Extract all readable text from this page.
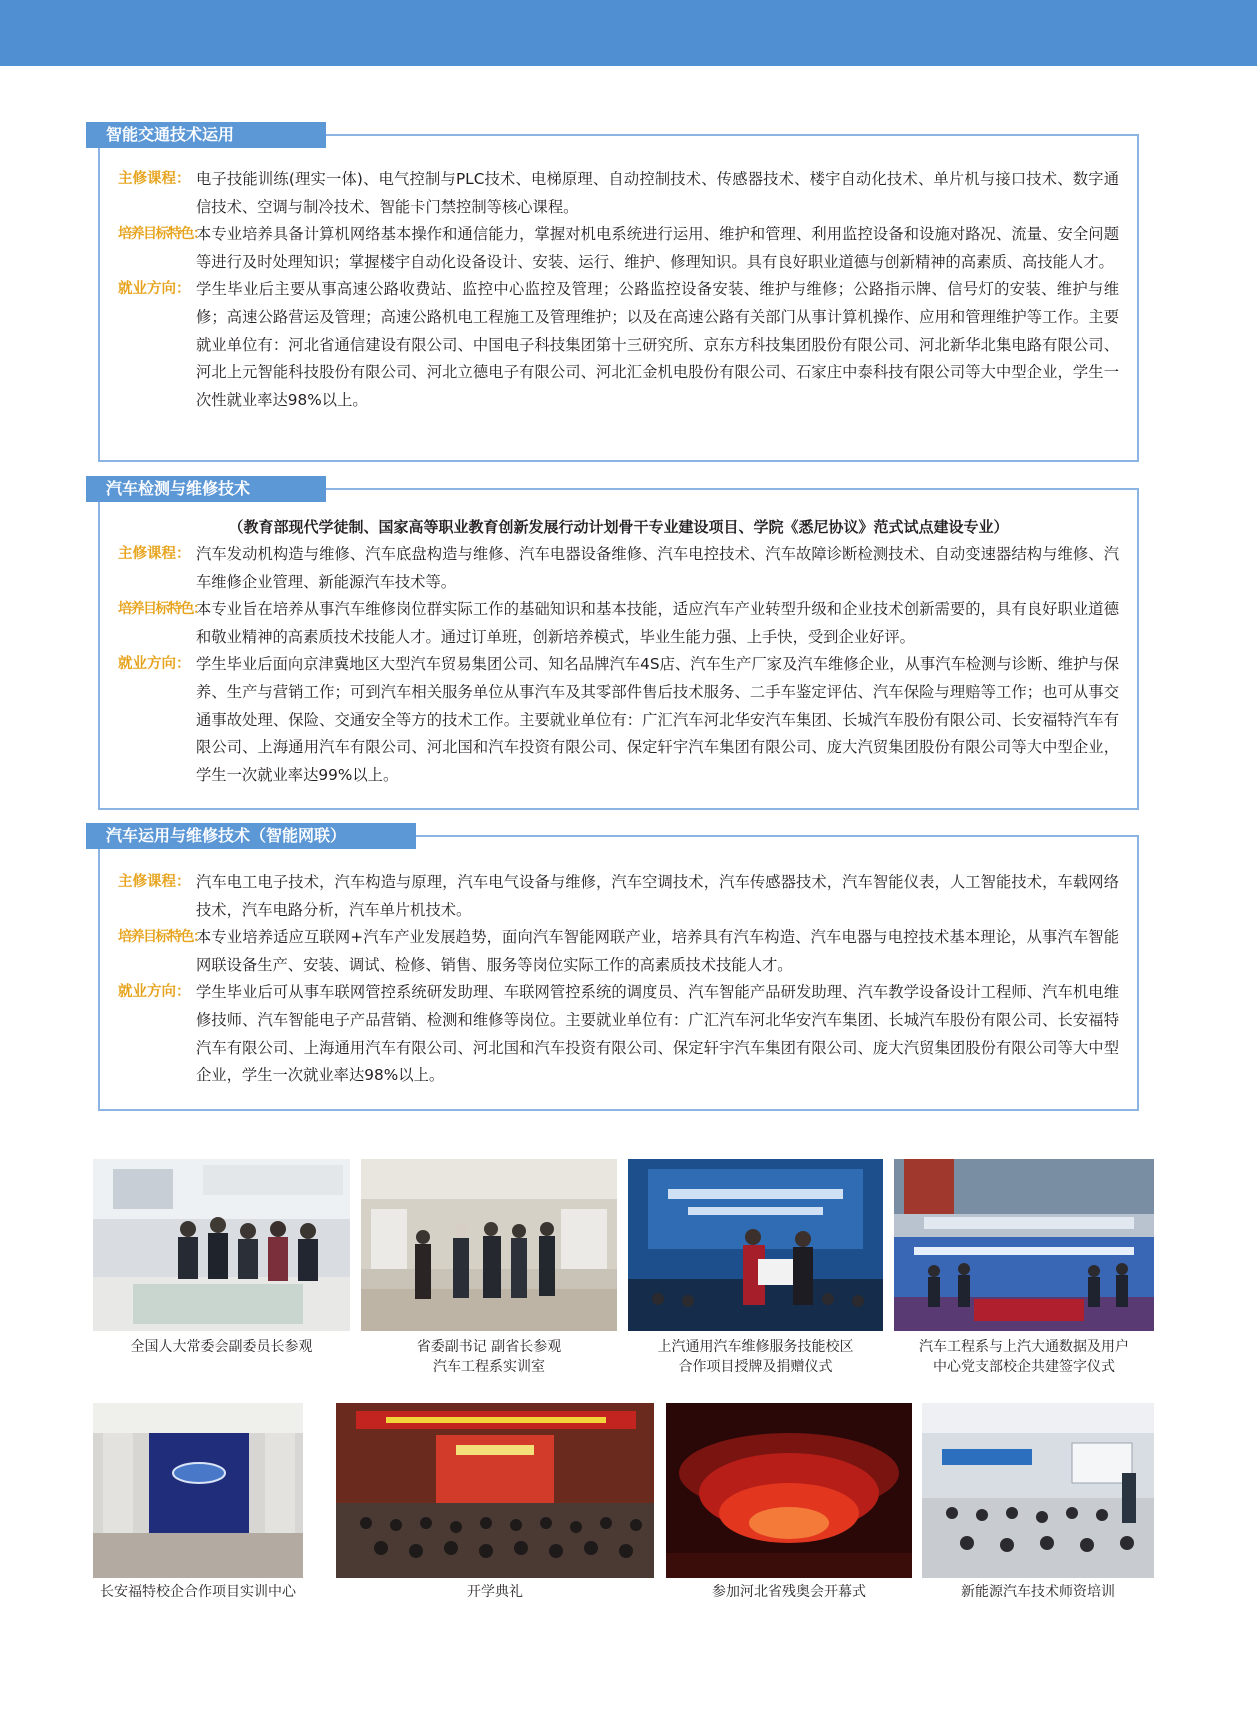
智能交通技术运用
主修课程： 电子技能训练(理实一体)、电气控制与PLC技术、电梯原理、自动控制技术、传感器技术、楼宇自动化技术、单片机与接口技术、数字通信技术、空调与制冷技术、智能卡门禁控制等核心课程。
培养目标特色：
本专业培养具备计算机网络基本操作和通信能力，掌握对机电系统进行运用、维护和管理、利用监控设备和设施对路况、流量、安全问题等进行及时处理知识；掌握楼宇自动化设备设计、安装、运行、维护、修理知识。具有良好职业道德与创新精神的高素质、高技能人才。
就业方向： 学生毕业后主要从事高速公路收费站、监控中心监控及管理；公路监控设备安装、维护与维修；公路指示牌、信号灯的安装、维护与维修；高速公路营运及管理；高速公路机电工程施工及管理维护；以及在高速公路有关部门从事计算机操作、应用和管理维护等工作。主要就业单位有：河北省通信建设有限公司、中国电子科技集团第十三研究所、京东方科技集团股份有限公司、河北新华北集电路有限公司、河北上元智能科技股份有限公司、河北立德电子有限公司、河北汇金机电股份有限公司、石家庄中泰科技有限公司等大中型企业，学生一次性就业率达98%以上。
汽车检测与维修技术
（教育部现代学徒制、国家高等职业教育创新发展行动计划骨干专业建设项目、学院《悉尼协议》范式试点建设专业）
主修课程： 汽车发动机构造与维修、汽车底盘构造与维修、汽车电器设备维修、汽车电控技术、汽车故障诊断检测技术、自动变速器结构与维修、汽车维修企业管理、新能源汽车技术等。
培养目标特色：
本专业旨在培养从事汽车维修岗位群实际工作的基础知识和基本技能，适应汽车产业转型升级和企业技术创新需要的，具有良好职业道德和敬业精神的高素质技术技能人才。通过订单班，创新培养模式，毕业生能力强、上手快，受到企业好评。
就业方向： 学生毕业后面向京津冀地区大型汽车贸易集团公司、知名品牌汽车4S店、汽车生产厂家及汽车维修企业，从事汽车检测与诊断、维护与保养、生产与营销工作；可到汽车相关服务单位从事汽车及其零部件售后技术服务、二手车鉴定评估、汽车保险与理赔等工作；也可从事交通事故处理、保险、交通安全等方的技术工作。主要就业单位有：广汇汽车河北华安汽车集团、长城汽车股份有限公司、长安福特汽车有限公司、上海通用汽车有限公司、河北国和汽车投资有限公司、保定轩宇汽车集团有限公司、庞大汽贸集团股份有限公司等大中型企业，学生一次就业率达99%以上。
汽车运用与维修技术（智能网联）
主修课程： 汽车电工电子技术，汽车构造与原理，汽车电气设备与维修，汽车空调技术，汽车传感器技术，汽车智能仪表，人工智能技术，车载网络技术，汽车电路分析，汽车单片机技术。
培养目标特色：
本专业培养适应互联网+汽车产业发展趋势，面向汽车智能网联产业，培养具有汽车构造、汽车电器与电控技术基本理论，从事汽车智能网联设备生产、安装、调试、检修、销售、服务等岗位实际工作的高素质技术技能人才。
就业方向： 学生毕业后可从事车联网管控系统研发助理、车联网管控系统的调度员、汽车智能产品研发助理、汽车教学设备设计工程师、汽车机电维修技师、汽车智能电子产品营销、检测和维修等岗位。主要就业单位有：广汇汽车河北华安汽车集团、长城汽车股份有限公司、长安福特汽车有限公司、上海通用汽车有限公司、河北国和汽车投资有限公司、保定轩宇汽车集团有限公司、庞大汽贸集团股份有限公司等大中型企业，学生一次就业率达98%以上。
全国人大常委会副委员长参观	省委副书记 副省长参观
汽车工程系实训室
上汽通用汽车维修服务技能校区
合作项目授牌及捐赠仪式
汽车工程系与上汽大通数据及用户
中心党支部校企共建签字仪式
长安福特校企合作项目实训中心	开学典礼	参加河北省残奥会开幕式	新能源汽车技术师资培训
